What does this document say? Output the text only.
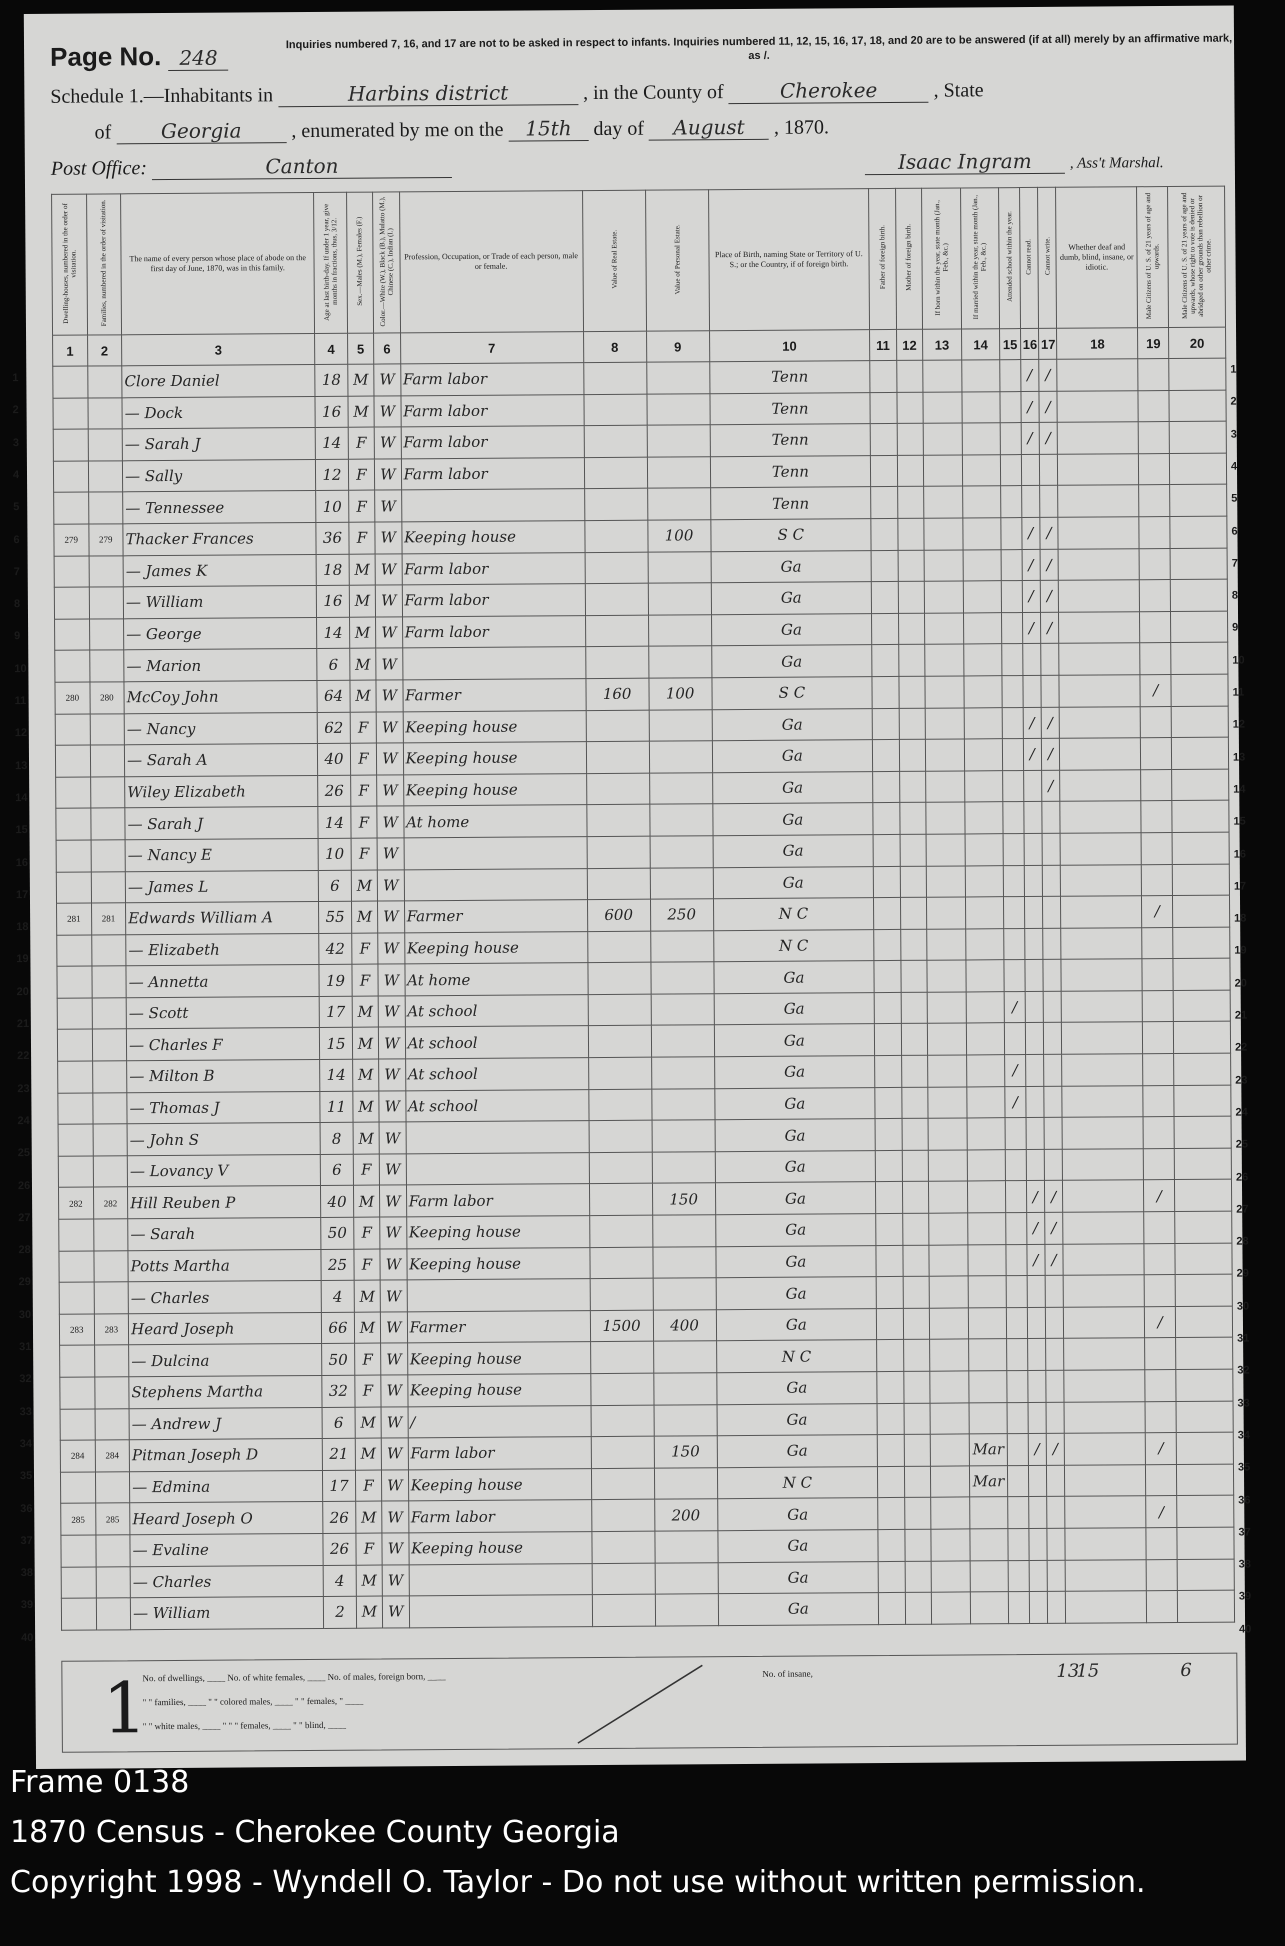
Page No. 248
Inquiries numbered 7, 16, and 17 are not to be asked in respect to infants. Inquiries numbered 11, 12, 15, 16, 17, 18, and 20 are to be answered (if at all) merely by an affirmative mark, as /.
Schedule 1.—Inhabitants in	Harbins district	, in the County of	Cherokee	, State
of Georgia , enumerated by me on the 15th day of August , 1870.
Post Office:	Canton	Isaac Ingram	, Ass't Marshal.
Dwelling-houses, numbered in the order of visitation.	Families, numbered in the order of visitation.	The name of every person whose place of abode on the first day of June, 1870, was in this family.	Age at last birth-day. If under 1 year, give months in fractions, thus, 3/12.	Sex.—Males (M.), Females (F.)	Color.—White (W.), Black (B.), Mulatto (M.), Chinese (C.), Indian (I.)	Profession, Occupation, or Trade of each person, male or female.	Value of Real Estate.	Value of Personal Estate.	Place of Birth, naming State or Territory of U. S.; or the Country, if of foreign birth.	Father of foreign birth.	Mother of foreign birth.	If born within the year, state month (Jan., Feb., &c.)	If married within the year, state month (Jan., Feb., &c.)	Attended school within the year.	Cannot read.	Cannot write.	Whether deaf and dumb, blind, insane, or idiotic.	Male Citizens of U. S. of 21 years of age and upwards.	Male Citizens of U. S. of 21 years of age and upwards, whose right to vote is denied or abridged on other grounds than rebellion or other crime.
1	2	3	4	5	6	7	8	9	10	11	12	13	14	15	16	17	18	19	20
		Clore Daniel	18	M	W	Farm labor			Tenn						/	/			
		— Dock	16	M	W	Farm labor			Tenn						/	/			
		— Sarah J	14	F	W	Farm labor			Tenn						/	/			
		— Sally	12	F	W	Farm labor			Tenn										
		— Tennessee	10	F	W				Tenn										
279	279	Thacker Frances	36	F	W	Keeping house		100	S C						/	/			
		— James K	18	M	W	Farm labor			Ga						/	/			
		— William	16	M	W	Farm labor			Ga						/	/			
		— George	14	M	W	Farm labor			Ga						/	/			
		— Marion	6	M	W				Ga										
280	280	McCoy John	64	M	W	Farmer	160	100	S C									/	
		— Nancy	62	F	W	Keeping house			Ga						/	/			
		— Sarah A	40	F	W	Keeping house			Ga						/	/			
		Wiley Elizabeth	26	F	W	Keeping house			Ga							/			
		— Sarah J	14	F	W	At home			Ga										
		— Nancy E	10	F	W				Ga										
		— James L	6	M	W				Ga										
281	281	Edwards William A	55	M	W	Farmer	600	250	N C									/	
		— Elizabeth	42	F	W	Keeping house			N C										
		— Annetta	19	F	W	At home			Ga										
		— Scott	17	M	W	At school			Ga					/					
		— Charles F	15	M	W	At school			Ga										
		— Milton B	14	M	W	At school			Ga					/					
		— Thomas J	11	M	W	At school			Ga					/					
		— John S	8	M	W				Ga										
		— Lovancy V	6	F	W				Ga										
282	282	Hill Reuben P	40	M	W	Farm labor		150	Ga						/	/		/	
		— Sarah	50	F	W	Keeping house			Ga						/	/			
		Potts Martha	25	F	W	Keeping house			Ga						/	/			
		— Charles	4	M	W				Ga										
283	283	Heard Joseph	66	M	W	Farmer	1500	400	Ga									/	
		— Dulcina	50	F	W	Keeping house			N C										
		Stephens Martha	32	F	W	Keeping house			Ga										
		— Andrew J	6	M	W	/			Ga										
284	284	Pitman Joseph D	21	M	W	Farm labor		150	Ga				Mar		/	/		/	
		— Edmina	17	F	W	Keeping house			N C				Mar						
285	285	Heard Joseph O	26	M	W	Farm labor		200	Ga									/	
		— Evaline	26	F	W	Keeping house			Ga										
		— Charles	4	M	W				Ga										
		— William	2	M	W				Ga										
1
No. of dwellings, ____ No. of white females, ____ No. of males, foreign born, ____
" " families, ____ " " colored males, ____ " " females, " ____
" " white males, ____ " " " females, ____ " " blind, ____
No. of insane,	13
15	6
1
1
2
2
3
3
4
4
5
5
6
6
7
7
8
8
9
9
10
10
11
11
12
12
13
13
14
14
15
15
16
16
17
17
18
18
19
19
20
20
21
21
22
22
23
23
24
24
25
25
26
26
27
27
28
28
29
29
30
30
31
31
32
32
33
33
34
34
35
35
36
36
37
37
38
38
39
39
40
40
Frame 0138
1870 Census - Cherokee County Georgia
Copyright 1998 - Wyndell O. Taylor - Do not use without written permission.
